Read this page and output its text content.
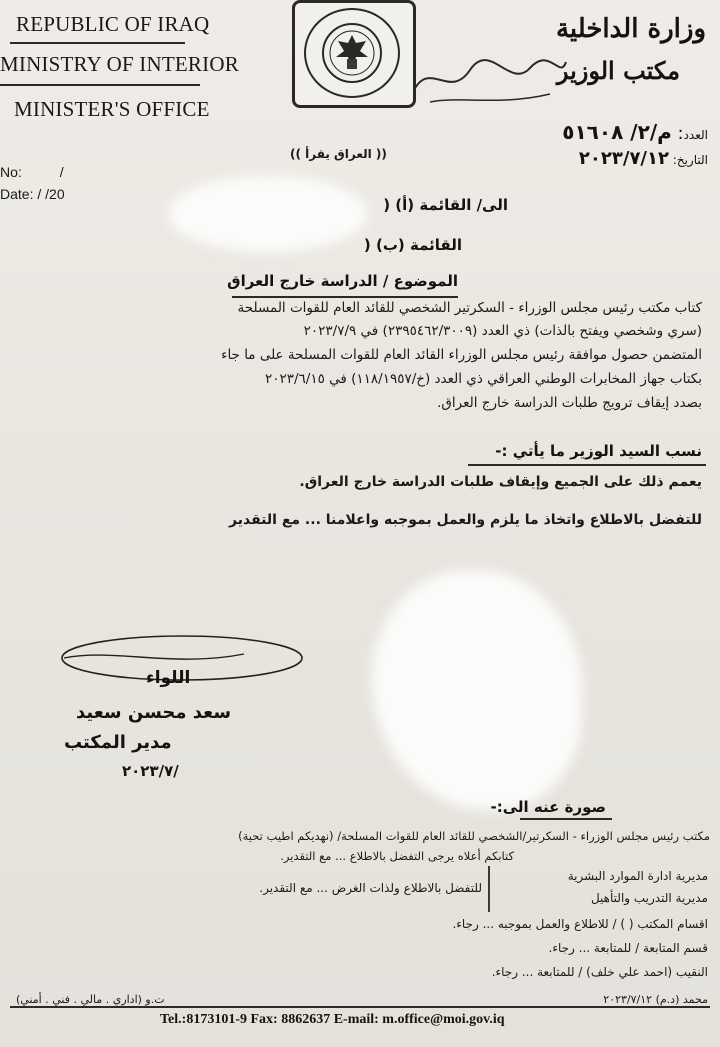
REPUBLIC OF IRAQ
MINISTRY OF INTERIOR
MINISTER'S OFFICE
وزارة الداخلية
مكتب الوزير
No:	/
Date: / /20
العدد: م/٢/ ٥١٦٠٨
التاريخ: ٢٠٢٣/٧/١٢
(( العراق يقرأ ))
الى/ القائمة (أ) (
القائمة (ب) (
الموضوع / الدراسة خارج العراق
كتاب مكتب رئيس مجلس الوزراء - السكرتير الشخصي للقائد العام للقوات المسلحة
(سري وشخصي ويفتح بالذات) ذي العدد (٢٣٩٥٤٦٢/٣٠٠٩) في ٢٠٢٣/٧/٩
المتضمن حصول موافقة رئيس مجلس الوزراء القائد العام للقوات المسلحة على ما جاء
بكتاب جهاز المخابرات الوطني العراقي ذي العدد (خ/١١٨/١٩٥٧) في ٢٠٢٣/٦/١٥
بصدد إيقاف ترويج طلبات الدراسة خارج العراق.
نسب السيد الوزير ما يأتي :-
يعمم ذلك على الجميع وإيقاف طلبات الدراسة خارج العراق.
للتفضل بالاطلاع واتخاذ ما يلزم والعمل بموجبه واعلامنا ... مع التقدير
اللواء
سعد محسن سعيد
مدير المكتب
٢٠٢٣/٧/
صورة عنه الى:-
مكتب رئيس مجلس الوزراء - السكرتير/الشخصي للقائد العام للقوات المسلحة/ (نهديكم اطيب تحية)
كتابكم أعلاه يرجى التفضل بالاطلاع ... مع التقدير.
مديرية ادارة الموارد البشرية
مديرية التدريب والتأهيل
للتفضل بالاطلاع ولذات الغرض ... مع التقدير.
اقسام المكتب ( ) / للاطلاع والعمل بموجبه ... رجاء.
قسم المتابعة / للمتابعة ... رجاء.
النقيب (احمد علي خلف) / للمتابعة ... رجاء.
ت.و (اداري . مالي . فني . أمني)	محمد (د.م) ٢٠٢٣/٧/١٢
Tel.:8173101-9 Fax: 8862637 E-mail: m.office@moi.gov.iq
